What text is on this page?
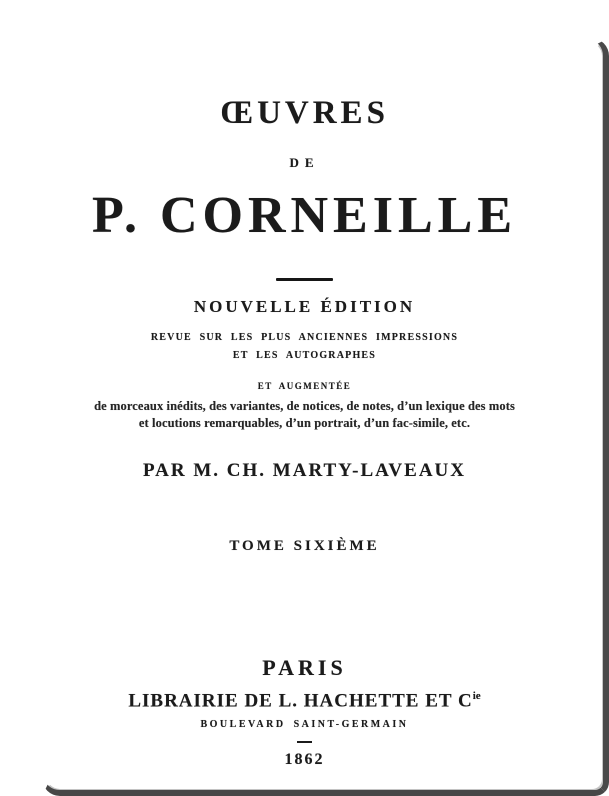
ŒUVRES
DE
P. CORNEILLE
NOUVELLE ÉDITION
REVUE SUR LES PLUS ANCIENNES IMPRESSIONS
ET LES AUTOGRAPHES
ET AUGMENTÉE
de morceaux inédits, des variantes, de notices, de notes, d’un lexique des mots
et locutions remarquables, d’un portrait, d’un fac-simile, etc.
PAR M. CH. MARTY-LAVEAUX
TOME SIXIÈME
PARIS
LIBRAIRIE DE L. HACHETTE ET $C^{ie}$
BOULEVARD SAINT-GERMAIN
1862
